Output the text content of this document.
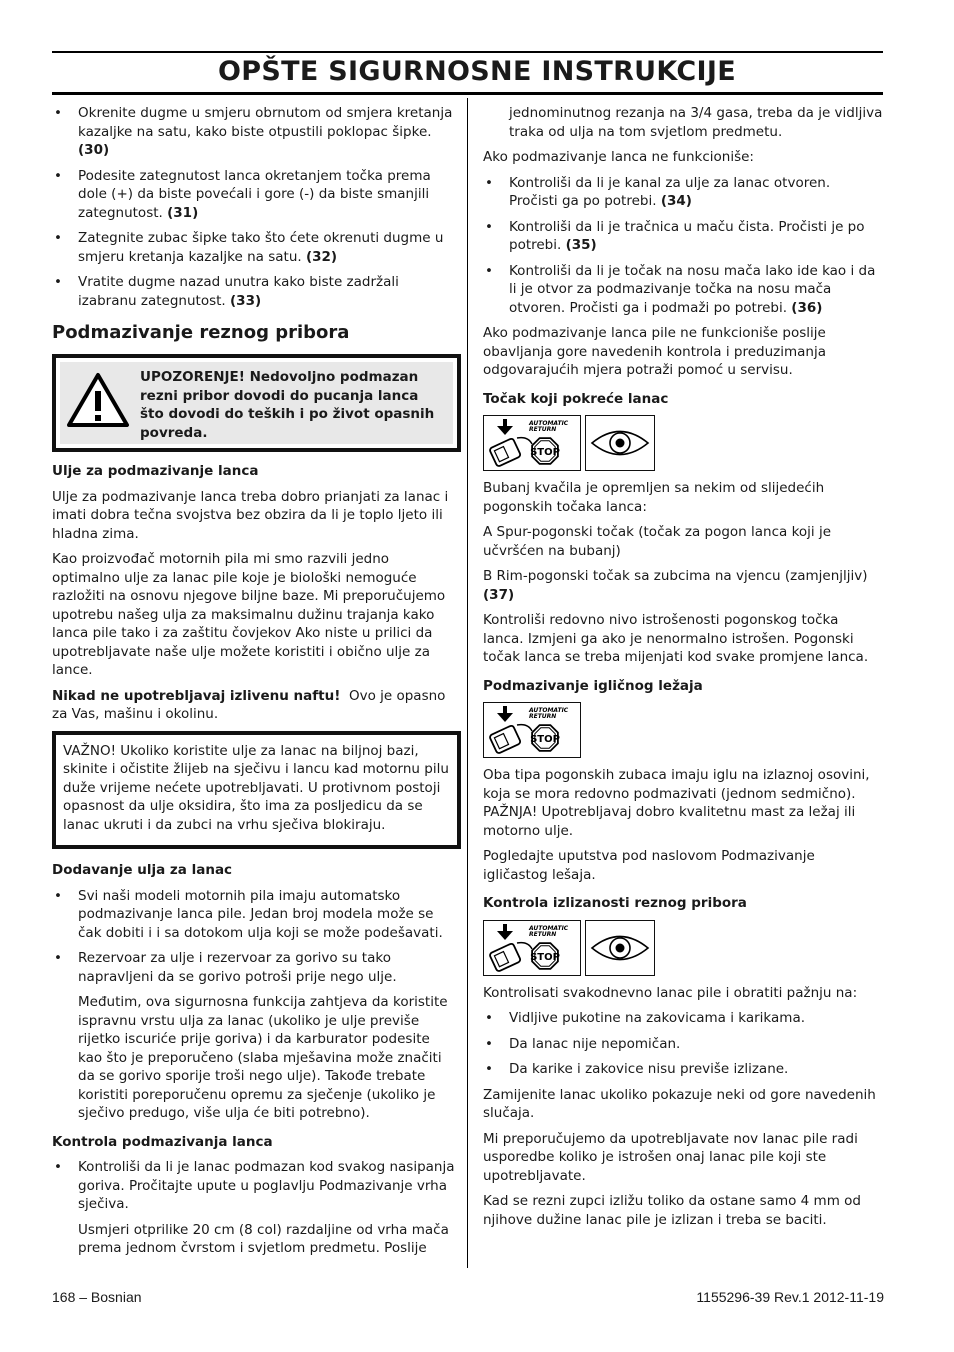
OPŠTE SIGURNOSNE INSTRUKCIJE
• Okrenite dugme u smjeru obrnutom od smjera kretanja kazaljke na satu, kako biste otpustili poklopac šipke. (30)
• Podesite zategnutost lanca okretanjem točka prema dole (+) da biste povećali i gore (-) da biste smanjili zategnutost. (31)
• Zategnite zubac šipke tako što ćete okrenuti dugme u smjeru kretanja kazaljke na satu. (32)
• Vratite dugme nazad unutra kako biste zadržali izabranu zategnutost. (33)
Podmazivanje reznog pribora
UPOZORENJE! Nedovoljno podmazan rezni pribor dovodi do pucanja lanca što dovodi do teških i po život opasnih povreda.
Ulje za podmazivanje lanca

Ulje za podmazivanje lanca treba dobro prianjati za lanac i imati dobra tečna svojstva bez obzira da li je toplo ljeto ili hladna zima.

Kao proizvođač motornih pila mi smo razvili jedno optimalno ulje za lanac pile koje je biološki nemoguće razložiti na osnovu njegove biljne baze. Mi preporučujemo upotrebu našeg ulja za maksimalnu dužinu trajanja kako lanca pile tako i za zaštitu čovjekov Ako niste u prilici da upotrebljavate naše ulje možete koristiti i obično ulje za lance.

Nikad ne upotrebljavaj izlivenu naftu! Ovo je opasno za Vas, mašinu i okolinu.

VAŽNO! Ukoliko koristite ulje za lanac na biljnoj bazi, skinite i očistite žlijeb na sječivu i lancu kad motornu pilu duže vrijeme nećete upotrebljavati. U protivnom postoji opasnost da ulje oksidira, što ima za posljedicu da se lanac ukruti i da zubci na vrhu sječiva blokiraju.
Dodavanje ulja za lanac
• Svi naši modeli motornih pila imaju automatsko podmazivanje lanca pile. Jedan broj modela može se čak dobiti i i sa dotokom ulja koji se može podešavati.
• Rezervoar za ulje i rezervoar za gorivo su tako napravljeni da se gorivo potroši prije nego ulje.
Međutim, ova sigurnosna funkcija zahtjeva da koristite ispravnu vrstu ulja za lanac (ukoliko je ulje previše rijetko iscuriće prije goriva) i da karburator podesite kao što je preporučeno (slaba mješavina može značiti da se gorivo sporije troši nego ulje). Takođe trebate koristiti poreporučenu opremu za sječenje (ukoliko je sječivo predugo, više ulja će biti potrebno).
Kontrola podmazivanja lanca
• Kontroliši da li je lanac podmazan kod svakog nasipanja goriva. Pročitajte upute u poglavlju Podmazivanje vrha sječiva.
Usmjeri otprilike 20 cm (8 col) razdaljine od vrha mača prema jednom čvrstom i svjetlom predmetu. Poslije
jednominutnog rezanja na 3/4 gasa, treba da je vidljiva traka od ulja na tom svjetlom predmetu.

Ako podmazivanje lanca ne funkcioniše:

• Kontroliši da li je kanal za ulje za lanac otvoren. Pročisti ga po potrebi. (34)
• Kontroliši da li je tračnica u maču čista. Pročisti je po potrebi. (35)
• Kontroliši da li je točak na nosu mača lako ide kao i da li je otvor za podmazivanje točka na nosu mača otvoren. Pročisti ga i podmaži po potrebi. (36)

Ako podmazivanje lanca pile ne funkcioniše poslije obavljanja gore navedenih kontrola i preduzimanja odgovarajućih mjera potraži pomoć u servisu.

Točak koji pokreće lanac
AUTOMATIC
RETURN
STOP

Bubanj kvačila je opremljen sa nekim od slijedećih pogonskih točaka lanca:

A Spur-pogonski točak (točak za pogon lanca koji je učvršćen na bubanj)

B Rim-pogonski točak sa zubcima na vjencu (zamjenjljiv) (37)

Kontroliši redovno nivo istrošenosti pogonskog točka lanca. Izmjeni ga ako je nenormalno istrošen. Pogonski točak lanca se treba mijenjati kod svake promjene lanca.

Podmazivanje igličnog ležaja
AUTOMATIC
RETURN
STOP

Oba tipa pogonskih zubaca imaju iglu na izlaznoj osovini, koja se mora redovno podmazivati (jednom sedmično). PAŽNJA! Upotrebljavaj dobro kvalitetnu mast za ležaj ili motorno ulje.

Pogledajte uputstva pod naslovom Podmazivanje igličastog lešaja.

Kontrola izlizanosti reznog pribora
AUTOMATIC
RETURN
STOP

Kontrolisati svakodnevno lanac pile i obratiti pažnju na:

• Vidljive pukotine na zakovicama i karikama.
• Da lanac nije nepomičan.
• Da karike i zakovice nisu previše izlizane.

Zamijenite lanac ukoliko pokazuje neki od gore navedenih slučaja.

Mi preporučujemo da upotrebljavate nov lanac pile radi usporedbe koliko je istrošen onaj lanac pile koji ste upotrebljavate.

Kad se rezni zupci izližu toliko da ostane samo 4 mm od njihove dužine lanac pile je izlizan i treba se baciti.

168 – Bosnian	1155296-39 Rev.1 2012-11-19
